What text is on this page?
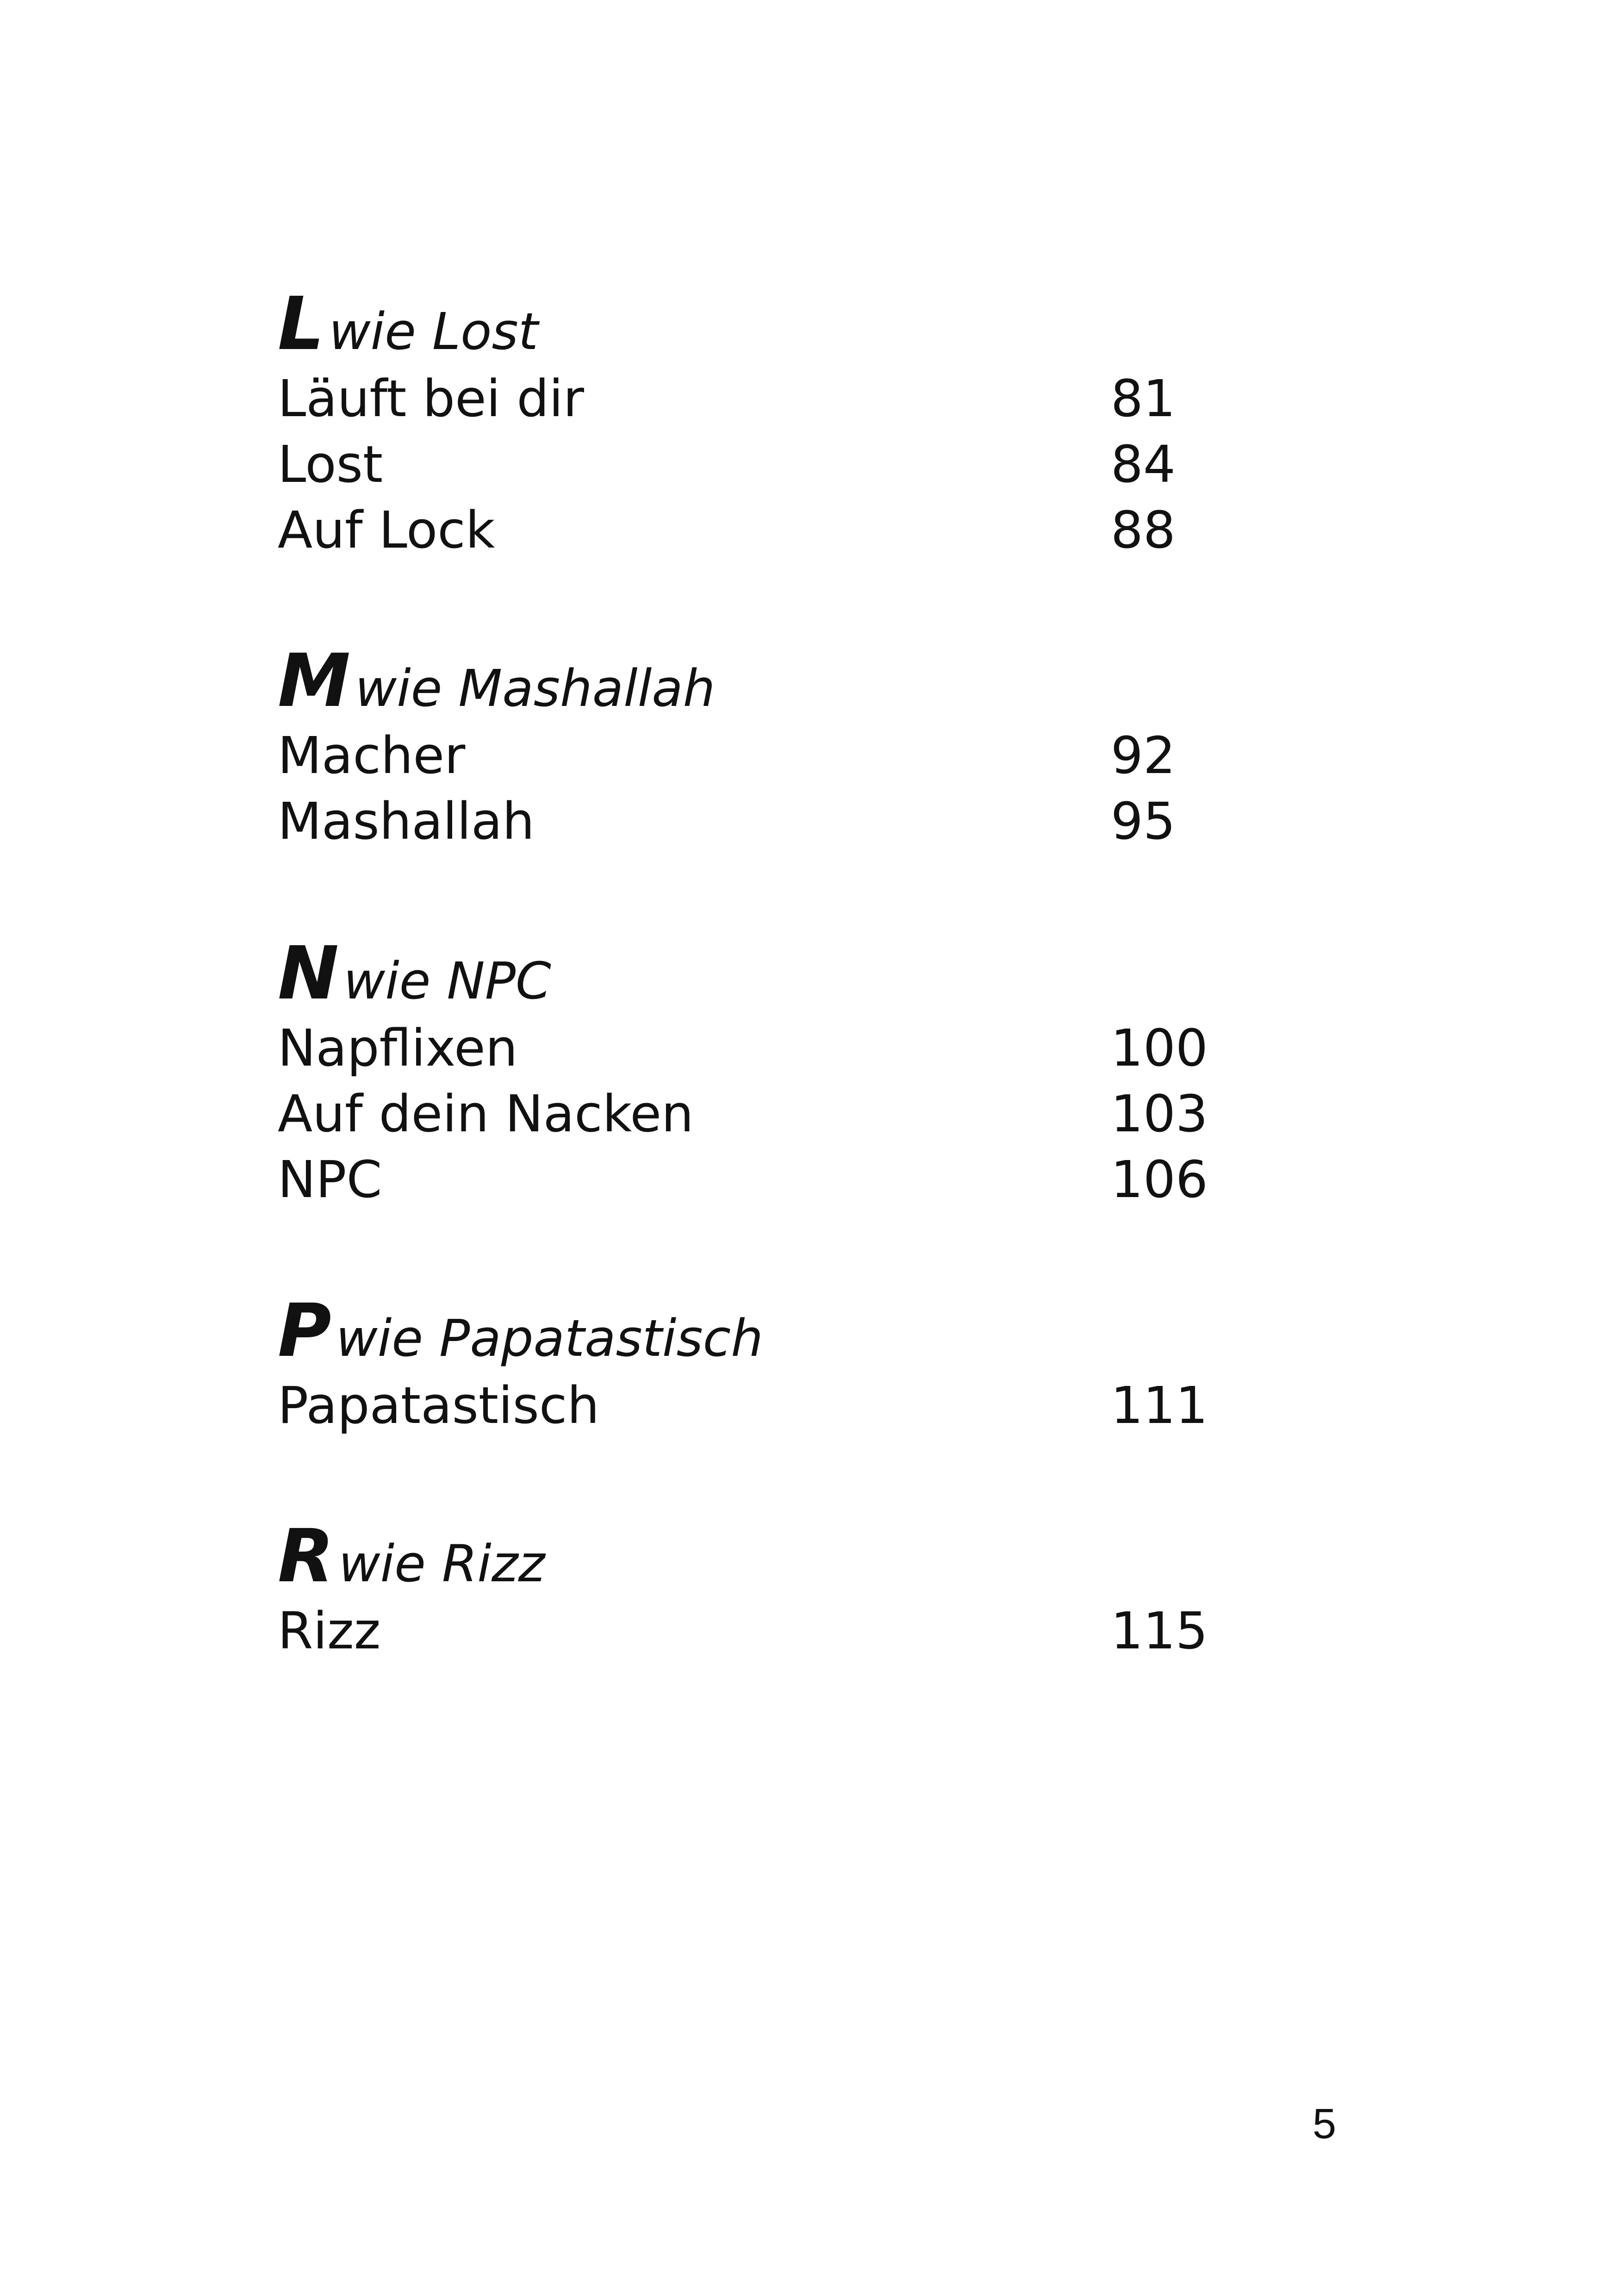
L wie Lost
Läuft bei dir	81
Lost	84
Auf Lock	88
M wie Mashallah
Macher	92
Mashallah	95
N wie NPC
Napflixen	100
Auf dein Nacken	103
NPC	106
P wie Papatastisch
Papatastisch	111
R wie Rizz
Rizz	115
5
